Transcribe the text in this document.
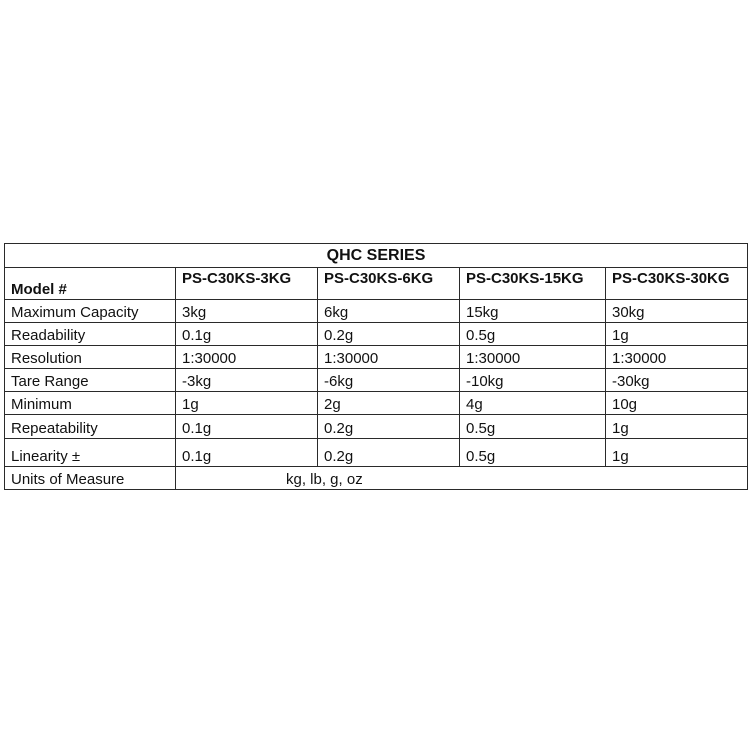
QHC SERIES				
Model #	PS-C30KS-3KG	PS-C30KS-6KG	PS-C30KS-15KG	PS-C30KS-30KG
Maximum Capacity	3kg	6kg	15kg	30kg
Readability	0.1g	0.2g	0.5g	1g
Resolution	1:30000	1:30000	1:30000	1:30000
Tare Range	-3kg	-6kg	-10kg	-30kg
Minimum	1g	2g	4g	10g
Repeatability	0.1g	0.2g	0.5g	1g
Linearity ±	0.1g	0.2g	0.5g	1g
Units of Measure	kg, lb, g, oz			
